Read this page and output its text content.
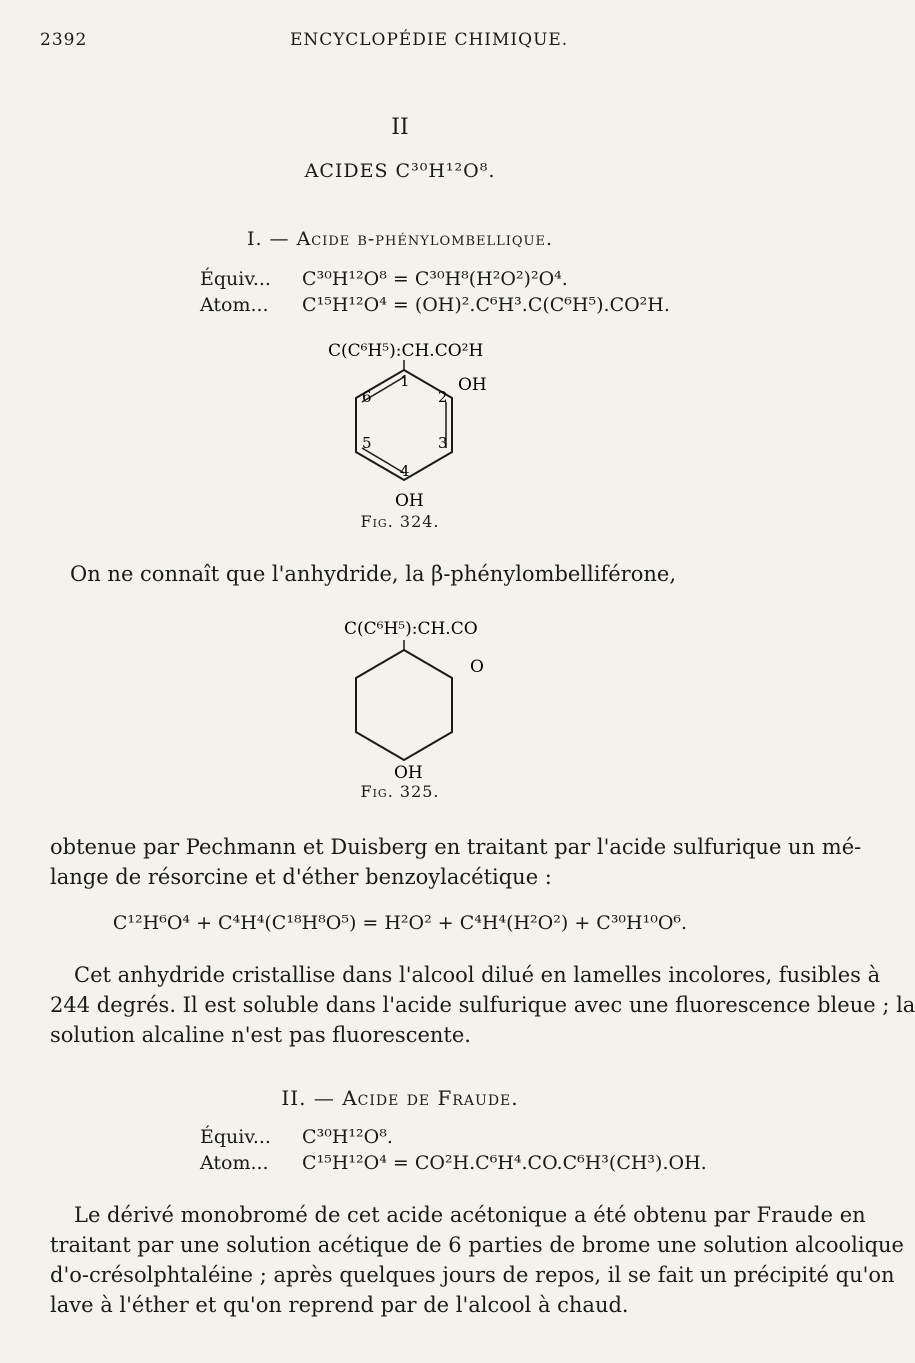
2392	ENCYCLOPÉDIE CHIMIQUE.
II
ACIDES C³⁰H¹²O⁸.
I. — Acide β-phénylombellique.
Équiv... C³⁰H¹²O⁸ = C³⁰H⁸(H²O²)²O⁴.
Atom... C¹⁵H¹²O⁴ = (OH)².C⁶H³.C(C⁶H⁵).CO²H.
C(C⁶H⁵):CH.CO²H
OH
OH
1
2
3
4
5
6
Fig. 324.
On ne connaît que l'anhydride, la β-phénylombelliférone,
C(C⁶H⁵):CH.CO
O
OH
Fig. 325.
obtenue par Pechmann et Duisberg en traitant par l'acide sulfurique un mé-
lange de résorcine et d'éther benzoylacétique :
C¹²H⁶O⁴ + C⁴H⁴(C¹⁸H⁸O⁵) = H²O² + C⁴H⁴(H²O²) + C³⁰H¹⁰O⁶.
Cet anhydride cristallise dans l'alcool dilué en lamelles incolores, fusibles à
244 degrés. Il est soluble dans l'acide sulfurique avec une fluorescence bleue ; la
solution alcaline n'est pas fluorescente.
II. — Acide de Fraude.
Équiv... C³⁰H¹²O⁸.
Atom... C¹⁵H¹²O⁴ = CO²H.C⁶H⁴.CO.C⁶H³(CH³).OH.
Le dérivé monobromé de cet acide acétonique a été obtenu par Fraude en
traitant par une solution acétique de 6 parties de brome une solution alcoolique
d'o-crésolphtaléine ; après quelques jours de repos, il se fait un précipité qu'on
lave à l'éther et qu'on reprend par de l'alcool à chaud.
